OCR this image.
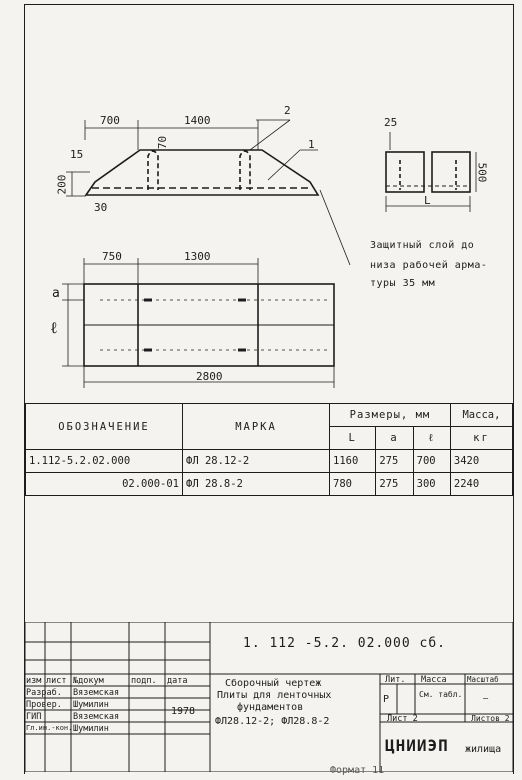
700	1400
15
70
200
30
2
1
25
500
L
750	1300
a
ℓ
2800
Защитный слой до
низа рабочей арма-
туры 35 мм
ОБОЗНАЧЕНИЕ	МАРКА	Размеры, мм			Масса,
		L	a	ℓ	кг
1.112-5.2.02.000	ФЛ 28.12-2	1160	275	700	3420
02.000-01	ФЛ 28.8-2	780	275	300	2240
1. 112 -5.2. 02.000 сб.
изм лист №докум	подп. дата
Разраб. Вяземская
Провер. Шумилин
ГИП	Вяземская
Гл.ин.-кон. Шумилин
1978
Сборочный чертеж
Плиты для ленточных
фундаментов
ФЛ28.12-2; ФЛ28.8-2
Лит.
Р
Масса
См. табл.
Масштаб
—
Лист 2	Листов 2
ЦНИИЭП жилища
Формат 11
